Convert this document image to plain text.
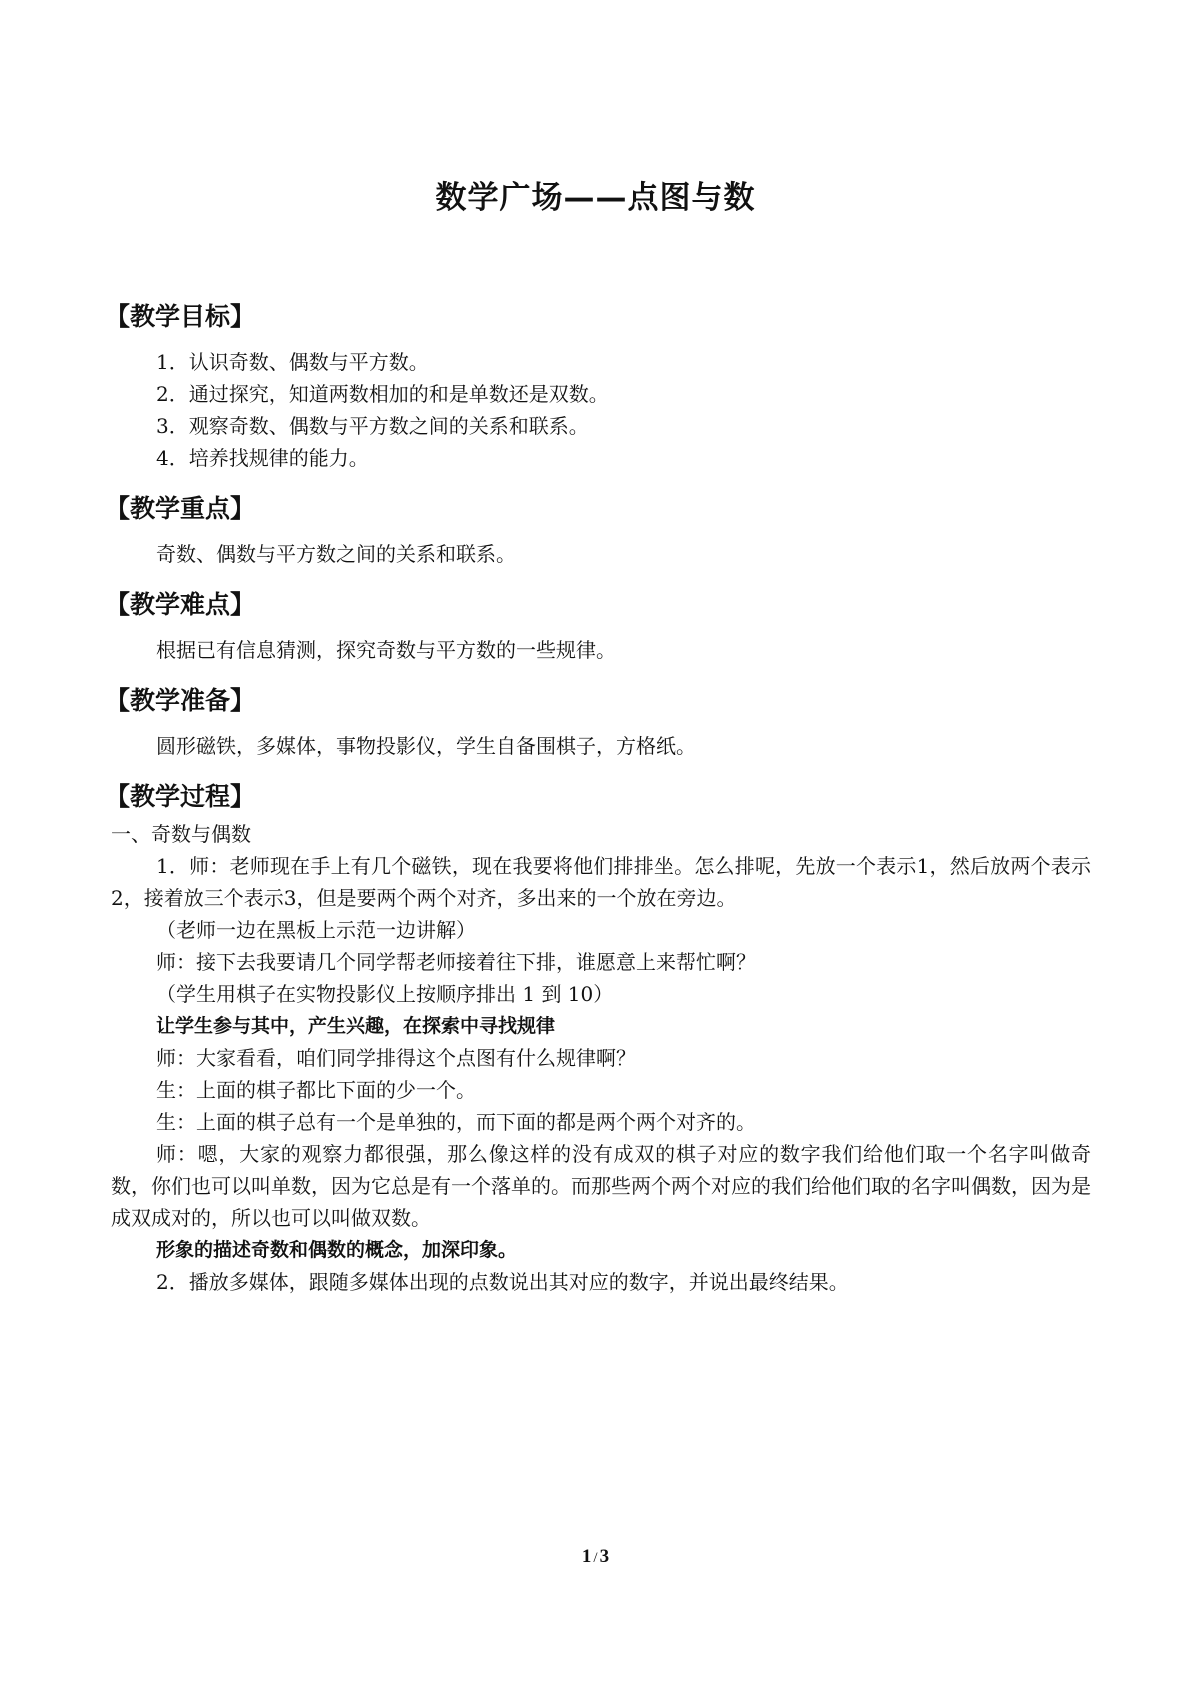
数学广场——点图与数
【教学目标】
1．认识奇数、偶数与平方数。
2．通过探究，知道两数相加的和是单数还是双数。
3．观察奇数、偶数与平方数之间的关系和联系。
4．培养找规律的能力。
【教学重点】

奇数、偶数与平方数之间的关系和联系。

【教学难点】

根据已有信息猜测，探究奇数与平方数的一些规律。

【教学准备】

圆形磁铁，多媒体，事物投影仪，学生自备围棋子，方格纸。

【教学过程】

一、奇数与偶数

1．师：老师现在手上有几个磁铁，现在我要将他们排排坐。怎么排呢，先放一个表示1，然后放两个表示2，接着放三个表示3，但是要两个两个对齐，多出来的一个放在旁边。

（老师一边在黑板上示范一边讲解）

师：接下去我要请几个同学帮老师接着往下排，谁愿意上来帮忙啊？

（学生用棋子在实物投影仪上按顺序排出 1 到 10）

让学生参与其中，产生兴趣，在探索中寻找规律

师：大家看看，咱们同学排得这个点图有什么规律啊？

生：上面的棋子都比下面的少一个。

生：上面的棋子总有一个是单独的，而下面的都是两个两个对齐的。

师：嗯，大家的观察力都很强，那么像这样的没有成双的棋子对应的数字我们给他们取一个名字叫做奇数，你们也可以叫单数，因为它总是有一个落单的。而那些两个两个对应的我们给他们取的名字叫偶数，因为是成双成对的，所以也可以叫做双数。

形象的描述奇数和偶数的概念，加深印象。

2．播放多媒体，跟随多媒体出现的点数说出其对应的数字，并说出最终结果。

1 / 3
